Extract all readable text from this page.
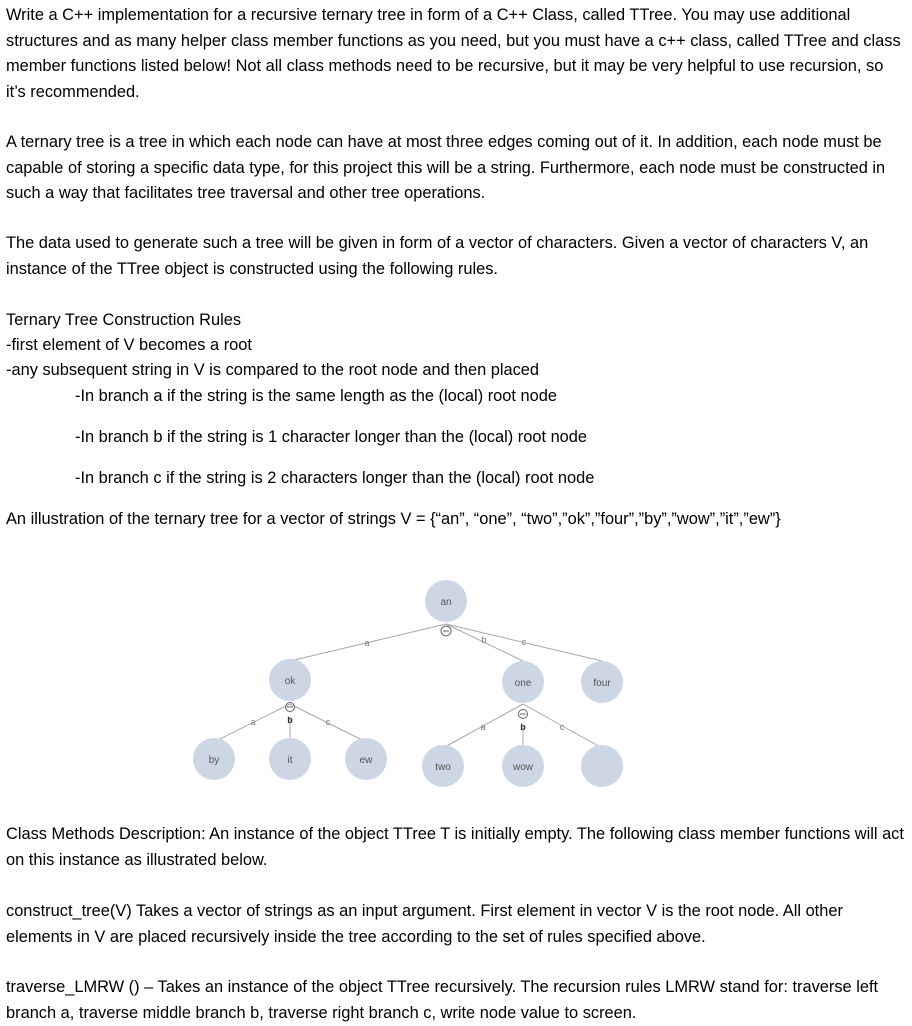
Write a C++ implementation for a recursive ternary tree in form of a C++ Class, called TTree. You may use additional structures and as many helper class member functions as you need, but you must have a c++ class, called TTree and class member functions listed below! Not all class methods need to be recursive, but it may be very helpful to use recursion, so it’s recommended.

A ternary tree is a tree in which each node can have at most three edges coming out of it. In addition, each node must be capable of storing a specific data type, for this project this will be a string. Furthermore, each node must be constructed in such a way that facilitates tree traversal and other tree operations.

The data used to generate such a tree will be given in form of a vector of characters. Given a vector of characters V, an instance of the TTree object is constructed using the following rules.

Ternary Tree Construction Rules

-first element of V becomes a root

-any subsequent string in V is compared to the root node and then placed

-In branch a if the string is the same length as the (local) root node

-In branch b if the string is 1 character longer than the (local) root node

-In branch c if the string is 2 characters longer than the (local) root node

An illustration of the ternary tree for a vector of strings V = {“an”, “one”, “two”,”ok”,”four”,”by”,”wow”,”it”,”ew”}

an
ok	one	four
by	it	ew
two	wow
a	b	c
a	b	c	a	b	c

Class Methods Description: An instance of the object TTree T is initially empty. The following class member functions will act on this instance as illustrated below.

construct_tree(V) Takes a vector of strings as an input argument. First element in vector V is the root node. All other elements in V are placed recursively inside the tree according to the set of rules specified above.

traverse_LMRW () – Takes an instance of the object TTree recursively. The recursion rules LMRW stand for: traverse left branch a, traverse middle branch b, traverse right branch c, write node value to screen.
